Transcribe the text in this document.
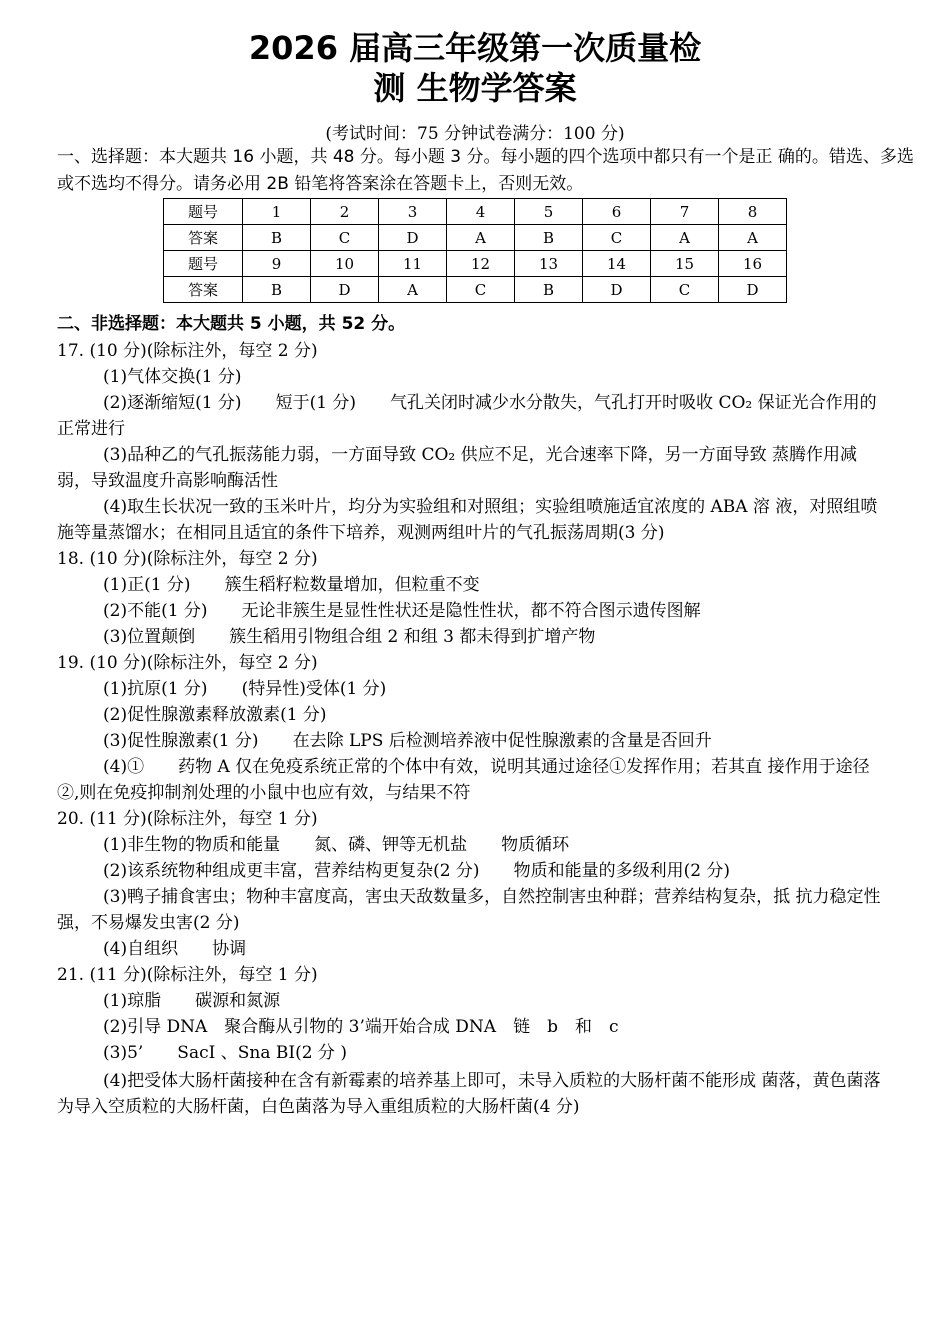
2026 届高三年级第一次质量检
测 生物学答案
(考试时间：75 分钟试卷满分：100 分)
一、选择题：本大题共 16 小题，共 48 分。每小题 3 分。每小题的四个选项中都只有一个是正 确的。错选、多选或不选均不得分。请务必用 2B 铅笔将答案涂在答题卡上，否则无效。
题号	1	2	3	4	5	6	7	8
答案	B	C	D	A	B	C	A	A
题号	9	10	11	12	13	14	15	16
答案	B	D	A	C	B	D	C	D
二、非选择题：本大题共 5 小题，共 52 分。

17. (10 分)(除标注外，每空 2 分)

(1)气体交换(1 分)

(2)逐渐缩短(1 分)　　短于(1 分)　　气孔关闭时减少水分散失，气孔打开时吸收 CO₂ 保证光合作用的正常进行

(3)品种乙的气孔振荡能力弱，一方面导致 CO₂ 供应不足，光合速率下降，另一方面导致 蒸腾作用减弱，导致温度升高影响酶活性

(4)取生长状况一致的玉米叶片，均分为实验组和对照组；实验组喷施适宜浓度的 ABA 溶 液，对照组喷施等量蒸馏水；在相同且适宜的条件下培养，观测两组叶片的气孔振荡周期(3 分)

18. (10 分)(除标注外，每空 2 分)

(1)正(1 分)　　簇生稻籽粒数量增加，但粒重不变

(2)不能(1 分)　　无论非簇生是显性性状还是隐性性状，都不符合图示遗传图解

(3)位置颠倒　　簇生稻用引物组合组 2 和组 3 都未得到扩增产物

19. (10 分)(除标注外，每空 2 分)

(1)抗原(1 分)　　(特异性)受体(1 分)

(2)促性腺激素释放激素(1 分)

(3)促性腺激素(1 分)　　在去除 LPS 后检测培养液中促性腺激素的含量是否回升

(4)①　　药物 A 仅在免疫系统正常的个体中有效，说明其通过途径①发挥作用；若其直 接作用于途径②,则在免疫抑制剂处理的小鼠中也应有效，与结果不符

20. (11 分)(除标注外，每空 1 分)

(1)非生物的物质和能量　　氮、磷、钾等无机盐　　物质循环

(2)该系统物种组成更丰富，营养结构更复杂(2 分)　　物质和能量的多级利用(2 分)

(3)鸭子捕食害虫；物种丰富度高，害虫天敌数量多，自然控制害虫种群；营养结构复杂，抵 抗力稳定性强，不易爆发虫害(2 分)

(4)自组织　　协调

21. (11 分)(除标注外，每空 1 分)

(1)琼脂　　碳源和氮源

(2)引导 DNA　聚合酶从引物的 3’端开始合成 DNA　链　b　和　c

(3)5’　　SacI 、Sna BI(2 分 )

(4)把受体大肠杆菌接种在含有新霉素的培养基上即可，未导入质粒的大肠杆菌不能形成 菌落，黄色菌落为导入空质粒的大肠杆菌，白色菌落为导入重组质粒的大肠杆菌(4 分)
